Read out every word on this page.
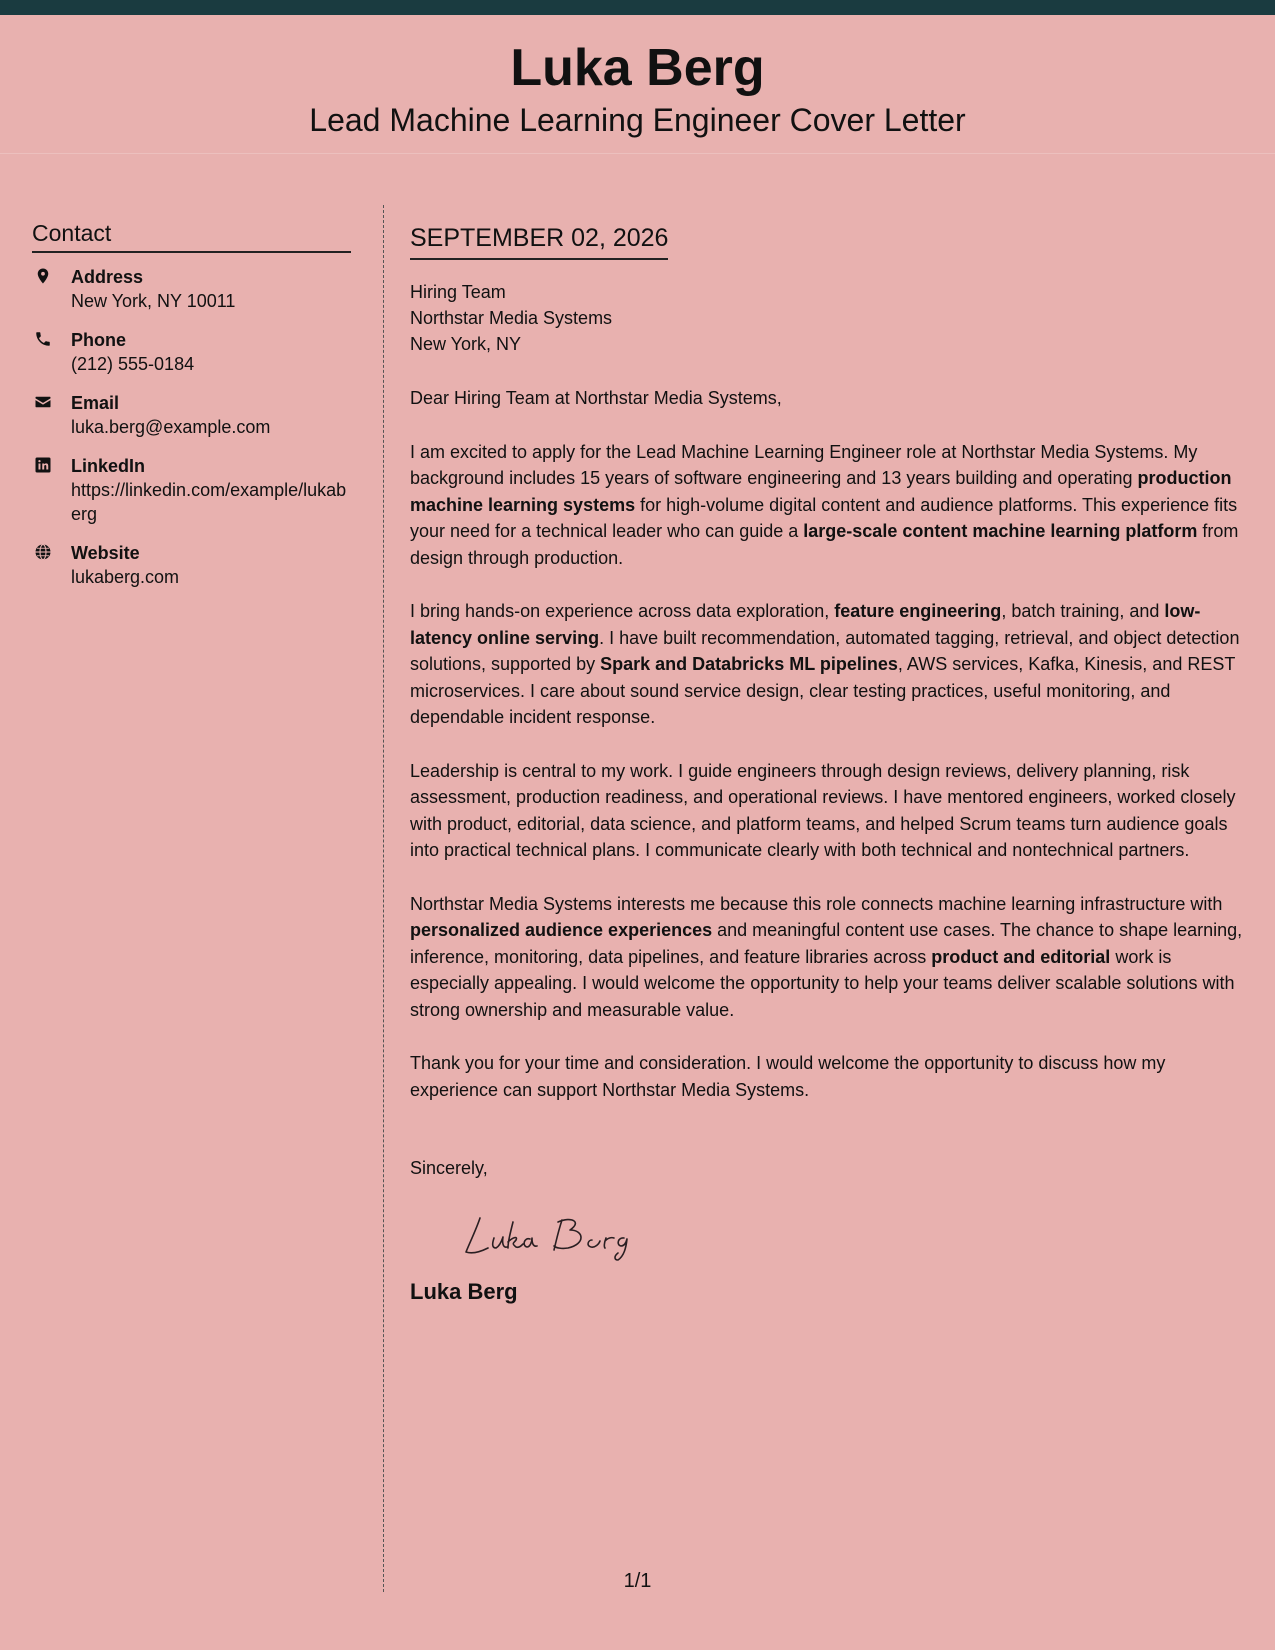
Luka Berg
Lead Machine Learning Engineer Cover Letter
Contact
Address
New York, NY 10011
Phone
(212) 555-0184
Email
luka.berg@example.com
LinkedIn
https://linkedin.com/example/lukaberg
Website
lukaberg.com
SEPTEMBER 02, 2026
Hiring Team
Northstar Media Systems
New York, NY
Dear Hiring Team at Northstar Media Systems,

I am excited to apply for the Lead Machine Learning Engineer role at Northstar Media Systems. My background includes 15 years of software engineering and 13 years building and operating production machine learning systems for high-volume digital content and audience platforms. This experience fits your need for a technical leader who can guide a large-scale content machine learning platform from design through production.

I bring hands-on experience across data exploration, feature engineering, batch training, and low-latency online serving. I have built recommendation, automated tagging, retrieval, and object detection solutions, supported by Spark and Databricks ML pipelines, AWS services, Kafka, Kinesis, and REST microservices. I care about sound service design, clear testing practices, useful monitoring, and dependable incident response.

Leadership is central to my work. I guide engineers through design reviews, delivery planning, risk assessment, production readiness, and operational reviews. I have mentored engineers, worked closely with product, editorial, data science, and platform teams, and helped Scrum teams turn audience goals into practical technical plans. I communicate clearly with both technical and nontechnical partners.

Northstar Media Systems interests me because this role connects machine learning infrastructure with personalized audience experiences and meaningful content use cases. The chance to shape learning, inference, monitoring, data pipelines, and feature libraries across product and editorial work is especially appealing. I would welcome the opportunity to help your teams deliver scalable solutions with strong ownership and measurable value.

Thank you for your time and consideration. I would welcome the opportunity to discuss how my experience can support Northstar Media Systems.

Sincerely,
Luka Berg
1/1
